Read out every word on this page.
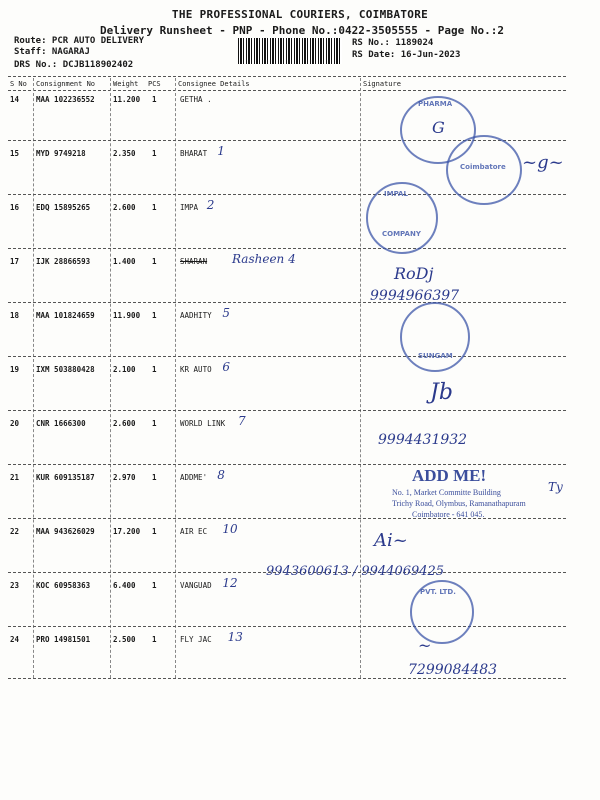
THE PROFESSIONAL COURIERS, COIMBATORE
Delivery Runsheet - PNP - Phone No.:0422-3505555 - Page No.:2
Route: PCR AUTO DELIVERY
Staff: NAGARAJ
DRS No.: DCJB118902402
RS No.: 1189024
RS Date: 16-Jun-2023
S No Consignment No	Weight PCS Consignee Details	Signature
14 MAA 102236552 11.200 1	GETHA .
15 MYD 9749218	2.350 1	BHARAT 1
16 EDQ 15895265	2.600 1	IMPA 2
17 IJK 28866593	1.400 1	SHARAN Rasheen 4
18 MAA 101824659 11.900 1	AADHITY 5
19 IXM 503880428 2.100 1	KR AUTO 6
20 CNR 1666300	2.600 1	WORLD LINK 7
21 KUR 609135187 2.970 1	ADDME' 8
22 MAA 943626029 17.200 1	AIR EC 10
23 KOC 60958363	6.400 1	VANGUAD 12
24 PRO 14981501	2.500 1	FLY JAC 13
PHARMA
G
Coimbatore ~g~
IMPAL
COMPANY
RoDj
9994966397
SUNGAM
Jb
9994431932
ADD ME!
No. 1, Market Committe Building
Trichy Road, Olymbus, Ramanathapuram
Coimbatore - 641 045.
Ty
Ai~
9943600613 / 9944069425
PVT. LTD.
~
7299084483
